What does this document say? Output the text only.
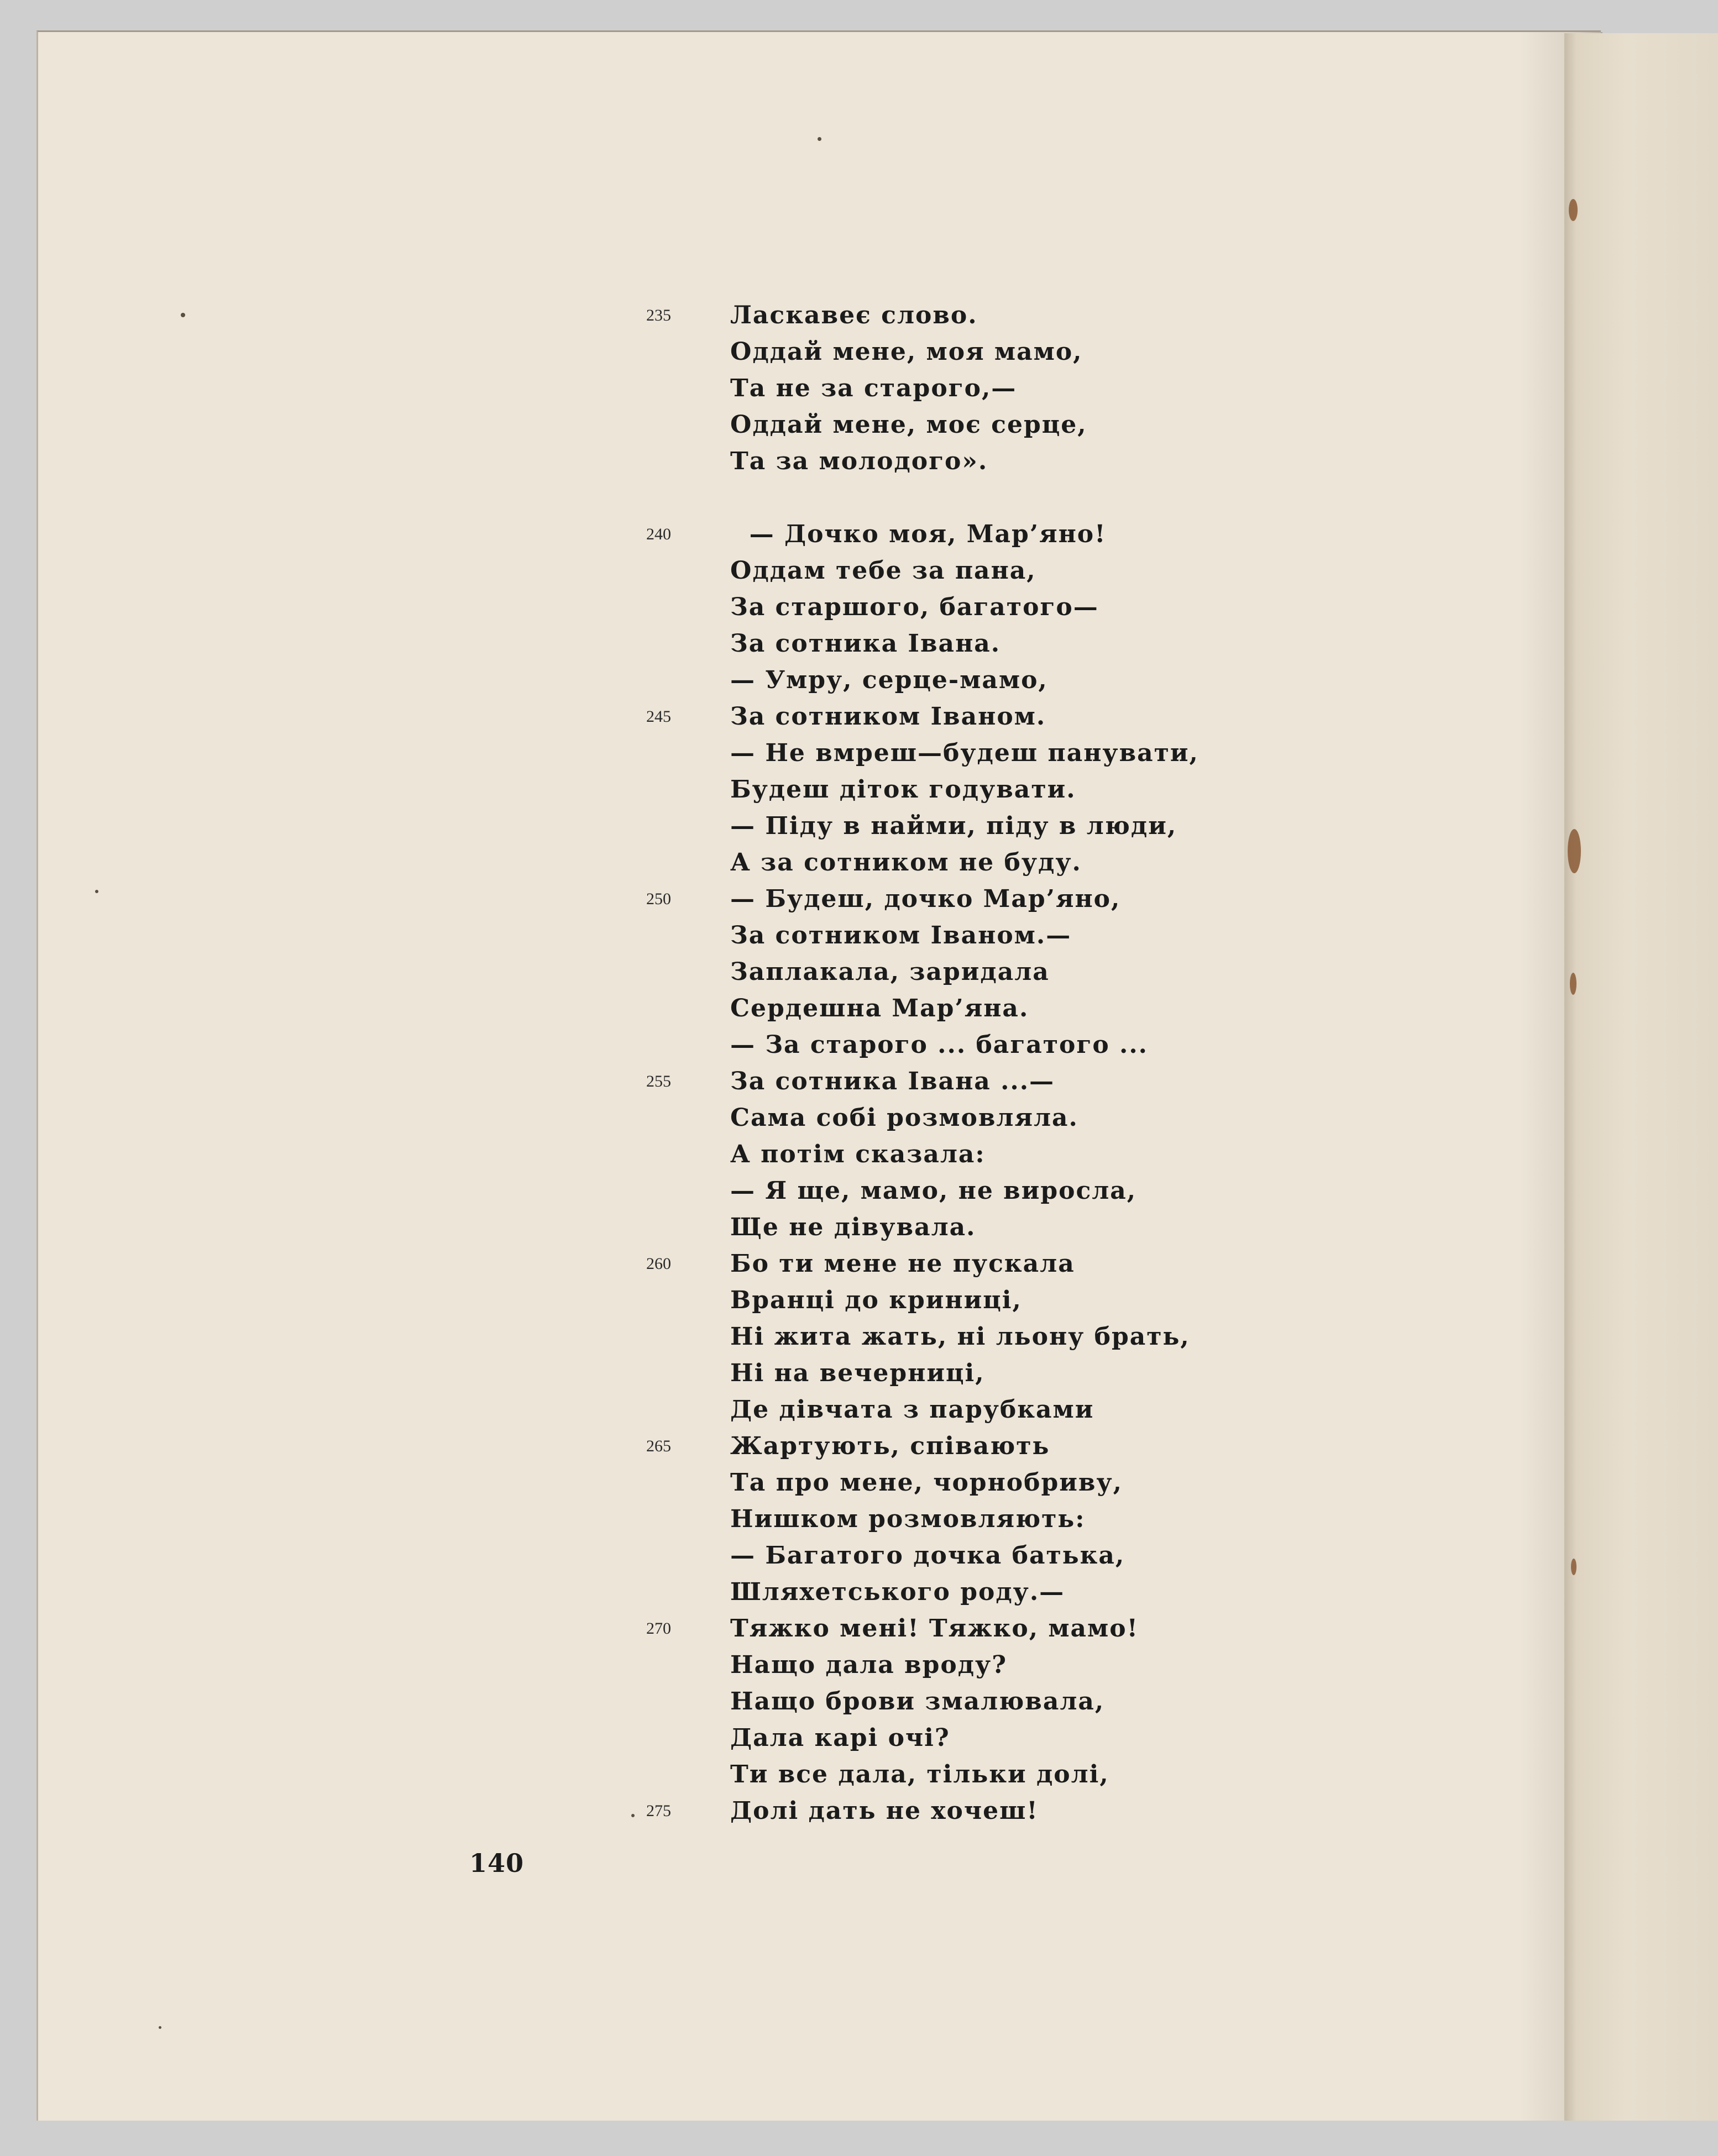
235	Ласкавеє слово.
Оддай мене, моя мамо,
Та не за старого,—
Оддай мене, моє серце,
Та за молодого».
240	— Дочко моя, Мар’яно!
Оддам тебе за пана,
За старшого, багатого—
За сотника Івана.
— Умру, серце-мамо,
245	За сотником Іваном.
— Не вмреш—будеш панувати,
Будеш діток годувати.
— Піду в найми, піду в люди,
А за сотником не буду.
250	— Будеш, дочко Мар’яно,
За сотником Іваном.—
Заплакала, заридала
Сердешна Мар’яна.
— За старого ... багатого ...
255	За сотника Івана ...—
Сама собі розмовляла.
А потім сказала:
— Я ще, мамо, не виросла,
Ще не дівувала.
260	Бо ти мене не пускала
Вранці до криниці,
Ні жита жать, ні льону брать,
Ні на вечерниці,
Де дівчата з парубками
265	Жартують, співають
Та про мене, чорнобриву,
Нишком розмовляють:
— Багатого дочка батька,
Шляхетського роду.—
270	Тяжко мені! Тяжко, мамо!
Нащо дала вроду?
Нащо брови змалювала,
Дала карі очі?
Ти все дала, тільки долі,
275	Долі дать не хочеш!
140
